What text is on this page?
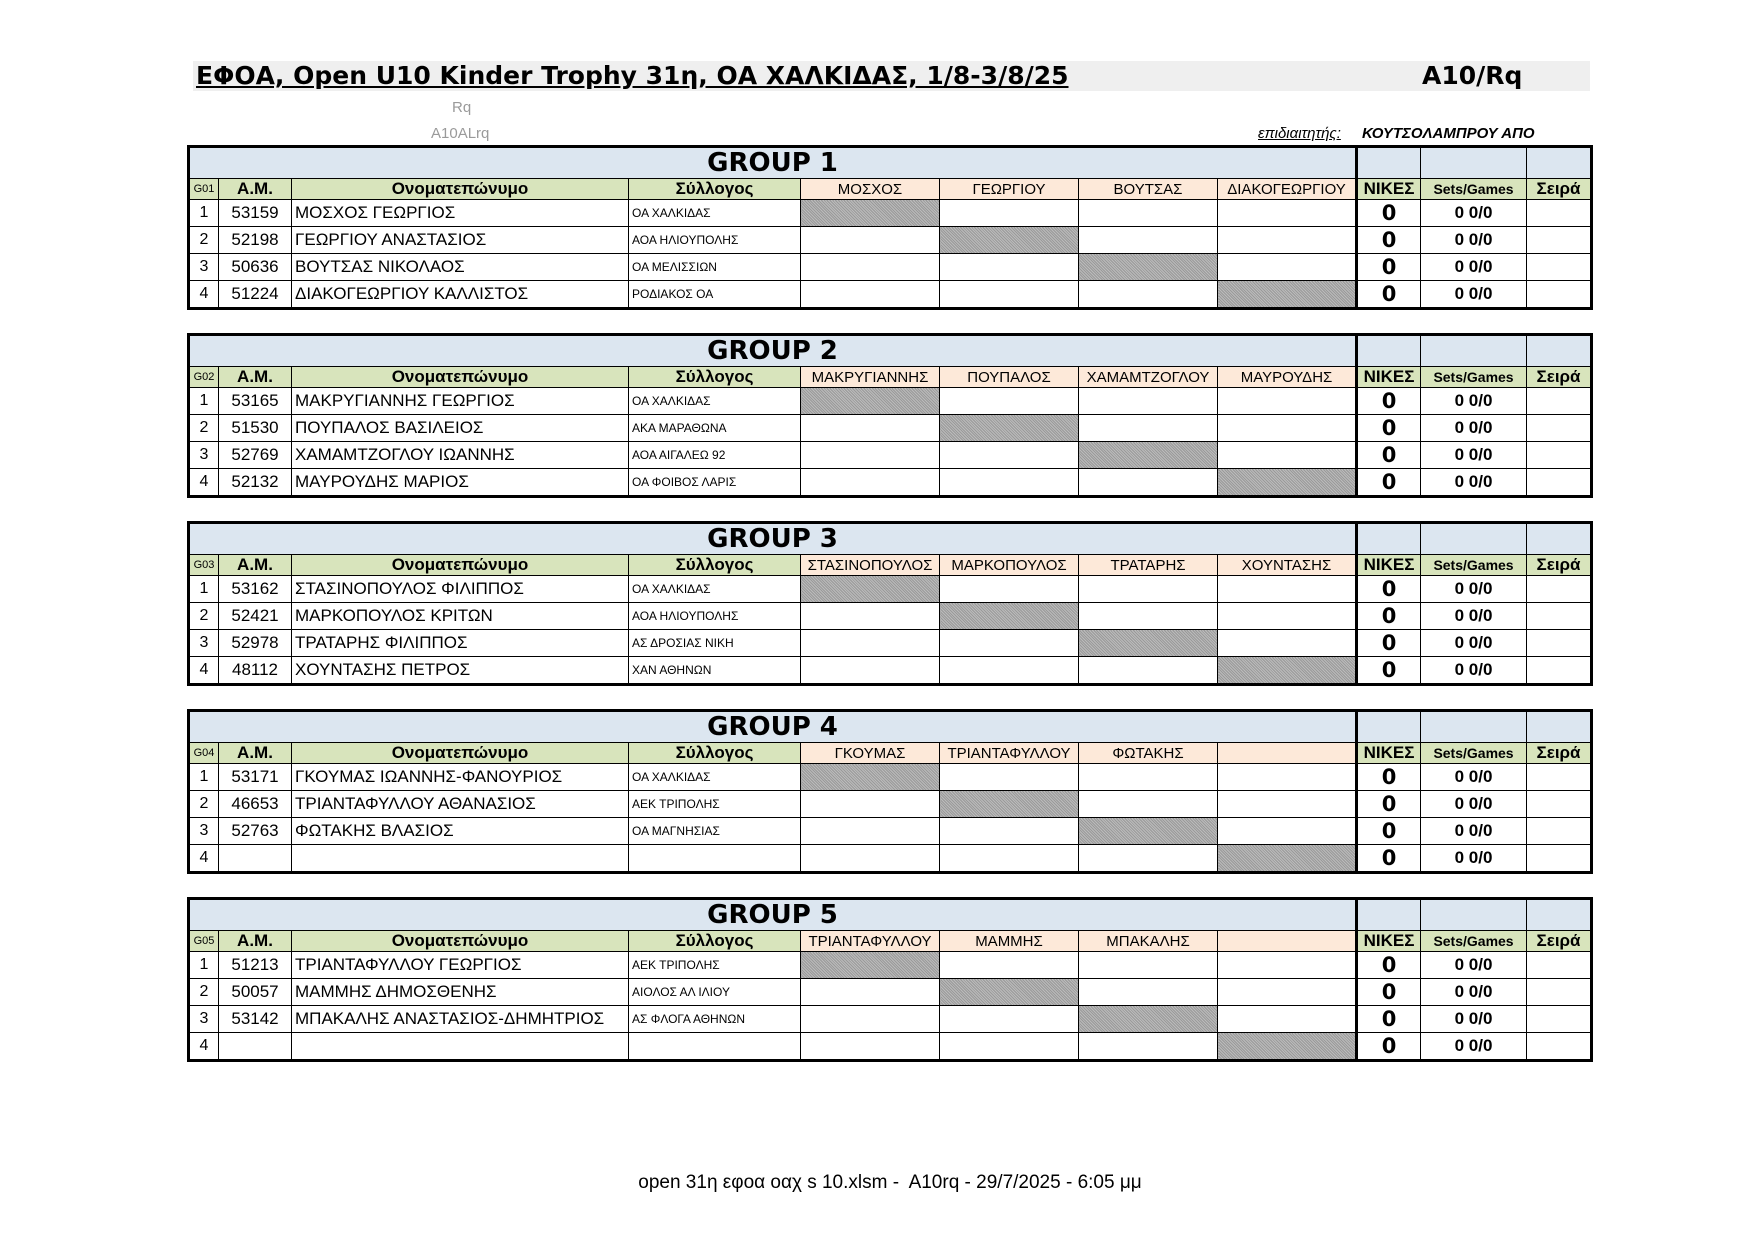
ΕΦΟΑ, Open U10 Kinder Trophy 31η, ΟΑ ΧΑΛΚΙΔΑΣ, 1/8-3/8/25	A10/Rq
Rq
A10ALrq	επιδιαιτητής: ΚΟΥΤΣΟΛΑΜΠΡΟΥ ΑΠΟ
GROUP 1										
G01	Α.Μ.	Ονοματεπώνυμο	Σύλλογος	ΜΟΣΧΟΣ	ΓΕΩΡΓΙΟΥ	ΒΟΥΤΣΑΣ	ΔΙΑΚΟΓΕΩΡΓΙΟΥ	ΝΙΚΕΣ	Sets/Games	Σειρά
1	53159	ΜΟΣΧΟΣ ΓΕΩΡΓΙΟΣ	ΟΑ ΧΑΛΚΙΔΑΣ					0	0 0/0	
2	52198	ΓΕΩΡΓΙΟΥ ΑΝΑΣΤΑΣΙΟΣ	ΑΟΑ ΗΛΙΟΥΠΟΛΗΣ					0	0 0/0	
3	50636	ΒΟΥΤΣΑΣ ΝΙΚΟΛΑΟΣ	ΟΑ ΜΕΛΙΣΣΙΩΝ					0	0 0/0	
4	51224	ΔΙΑΚΟΓΕΩΡΓΙΟΥ ΚΑΛΛΙΣΤΟΣ	ΡΟΔΙΑΚΟΣ ΟΑ					0	0 0/0	
GROUP 2										
G02	Α.Μ.	Ονοματεπώνυμο	Σύλλογος	ΜΑΚΡΥΓΙΑΝΝΗΣ	ΠΟΥΠΑΛΟΣ	ΧΑΜΑΜΤΖΟΓΛΟΥ	ΜΑΥΡΟΥΔΗΣ	ΝΙΚΕΣ	Sets/Games	Σειρά
1	53165	ΜΑΚΡΥΓΙΑΝΝΗΣ ΓΕΩΡΓΙΟΣ	ΟΑ ΧΑΛΚΙΔΑΣ					0	0 0/0	
2	51530	ΠΟΥΠΑΛΟΣ ΒΑΣΙΛΕΙΟΣ	ΑΚΑ ΜΑΡΑΘΩΝΑ					0	0 0/0	
3	52769	ΧΑΜΑΜΤΖΟΓΛΟΥ ΙΩΑΝΝΗΣ	ΑΟΑ ΑΙΓΑΛΕΩ 92					0	0 0/0	
4	52132	ΜΑΥΡΟΥΔΗΣ ΜΑΡΙΟΣ	ΟΑ ΦΟΙΒΟΣ ΛΑΡΙΣ					0	0 0/0	
GROUP 3										
G03	Α.Μ.	Ονοματεπώνυμο	Σύλλογος	ΣΤΑΣΙΝΟΠΟΥΛΟΣ	ΜΑΡΚΟΠΟΥΛΟΣ	ΤΡΑΤΑΡΗΣ	ΧΟΥΝΤΑΣΗΣ	ΝΙΚΕΣ	Sets/Games	Σειρά
1	53162	ΣΤΑΣΙΝΟΠΟΥΛΟΣ ΦΙΛΙΠΠΟΣ	ΟΑ ΧΑΛΚΙΔΑΣ					0	0 0/0	
2	52421	ΜΑΡΚΟΠΟΥΛΟΣ ΚΡΙΤΩΝ	ΑΟΑ ΗΛΙΟΥΠΟΛΗΣ					0	0 0/0	
3	52978	ΤΡΑΤΑΡΗΣ ΦΙΛΙΠΠΟΣ	ΑΣ ΔΡΟΣΙΑΣ ΝΙΚΗ					0	0 0/0	
4	48112	ΧΟΥΝΤΑΣΗΣ ΠΕΤΡΟΣ	ΧΑΝ ΑΘΗΝΩΝ					0	0 0/0	
GROUP 4										
G04	Α.Μ.	Ονοματεπώνυμο	Σύλλογος	ΓΚΟΥΜΑΣ	ΤΡΙΑΝΤΑΦΥΛΛΟΥ	ΦΩΤΑΚΗΣ		ΝΙΚΕΣ	Sets/Games	Σειρά
1	53171	ΓΚΟΥΜΑΣ ΙΩΑΝΝΗΣ-ΦΑΝΟΥΡΙΟΣ	ΟΑ ΧΑΛΚΙΔΑΣ					0	0 0/0	
2	46653	ΤΡΙΑΝΤΑΦΥΛΛΟΥ ΑΘΑΝΑΣΙΟΣ	ΑΕΚ ΤΡΙΠΟΛΗΣ					0	0 0/0	
3	52763	ΦΩΤΑΚΗΣ ΒΛΑΣΙΟΣ	ΟΑ ΜΑΓΝΗΣΙΑΣ					0	0 0/0	
4								0	0 0/0	
GROUP 5										
G05	Α.Μ.	Ονοματεπώνυμο	Σύλλογος	ΤΡΙΑΝΤΑΦΥΛΛΟΥ	ΜΑΜΜΗΣ	ΜΠΑΚΑΛΗΣ		ΝΙΚΕΣ	Sets/Games	Σειρά
1	51213	ΤΡΙΑΝΤΑΦΥΛΛΟΥ ΓΕΩΡΓΙΟΣ	ΑΕΚ ΤΡΙΠΟΛΗΣ					0	0 0/0	
2	50057	ΜΑΜΜΗΣ ΔΗΜΟΣΘΕΝΗΣ	ΑΙΟΛΟΣ ΑΛ ΙΛΙΟΥ					0	0 0/0	
3	53142	ΜΠΑΚΑΛΗΣ ΑΝΑΣΤΑΣΙΟΣ-ΔΗΜΗΤΡΙΟΣ	ΑΣ ΦΛΟΓΑ ΑΘΗΝΩΝ					0	0 0/0	
4								0	0 0/0	
open 31η εφοα οαχ s 10.xlsm -  A10rq - 29/7/2025 - 6:05 μμ
